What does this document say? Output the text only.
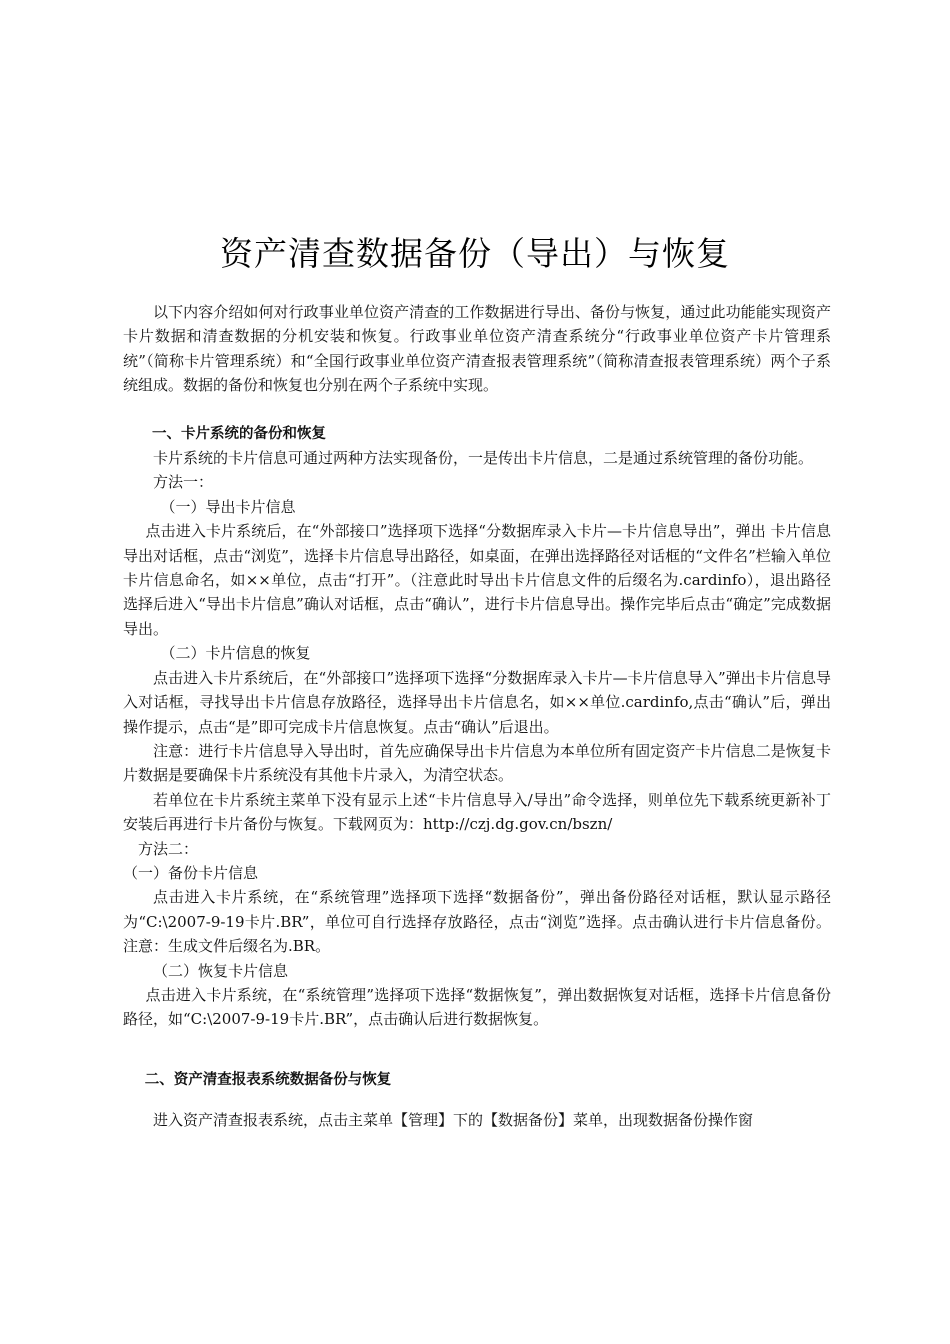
资产清查数据备份（导出）与恢复

以下内容介绍如何对行政事业单位资产清查的工作数据进行导出、备份与恢复，通过此功能能实现资产卡片数据和清查数据的分机安装和恢复。行政事业单位资产清查系统分“行政事业单位资产卡片管理系统”（简称卡片管理系统）和“全国行政事业单位资产清查报表管理系统”（简称清查报表管理系统）两个子系统组成。数据的备份和恢复也分别在两个子系统中实现。

一、卡片系统的备份和恢复

卡片系统的卡片信息可通过两种方法实现备份，一是传出卡片信息，二是通过系统管理的备份功能。

方法一：

（一）导出卡片信息

点击进入卡片系统后，在“外部接口”选择项下选择“分数据库录入卡片—卡片信息导出”，弹出 卡片信息导出对话框，点击“浏览”，选择卡片信息导出路径，如桌面，在弹出选择路径对话框的“文件名”栏输入单位卡片信息命名，如××单位，点击“打开”。（注意此时导出卡片信息文件的后缀名为.cardinfo），退出路径选择后进入“导出卡片信息”确认对话框，点击“确认”，进行卡片信息导出。操作完毕后点击“确定”完成数据导出。

（二）卡片信息的恢复

点击进入卡片系统后，在“外部接口”选择项下选择“分数据库录入卡片—卡片信息导入”弹出卡片信息导入对话框，寻找导出卡片信息存放路径，选择导出卡片信息名，如××单位.cardinfo,点击“确认”后，弹出操作提示，点击“是”即可完成卡片信息恢复。点击“确认”后退出。

注意：进行卡片信息导入导出时，首先应确保导出卡片信息为本单位所有固定资产卡片信息二是恢复卡片数据是要确保卡片系统没有其他卡片录入，为清空状态。

若单位在卡片系统主菜单下没有显示上述“卡片信息导入/导出”命令选择，则单位先下载系统更新补丁安装后再进行卡片备份与恢复。下载网页为：http://czj.dg.gov.cn/bszn/

方法二：

（一）备份卡片信息

点击进入卡片系统，在“系统管理”选择项下选择“数据备份”，弹出备份路径对话框，默认显示路径为“C:\2007-9-19卡片.BR”，单位可自行选择存放路径，点击“浏览”选择。点击确认进行卡片信息备份。注意：生成文件后缀名为.BR。

（二）恢复卡片信息

点击进入卡片系统，在“系统管理”选择项下选择“数据恢复”，弹出数据恢复对话框，选择卡片信息备份路径，如“C:\2007-9-19卡片.BR”，点击确认后进行数据恢复。

二、资产清查报表系统数据备份与恢复

进入资产清查报表系统，点击主菜单【管理】下的【数据备份】菜单，出现数据备份操作窗
